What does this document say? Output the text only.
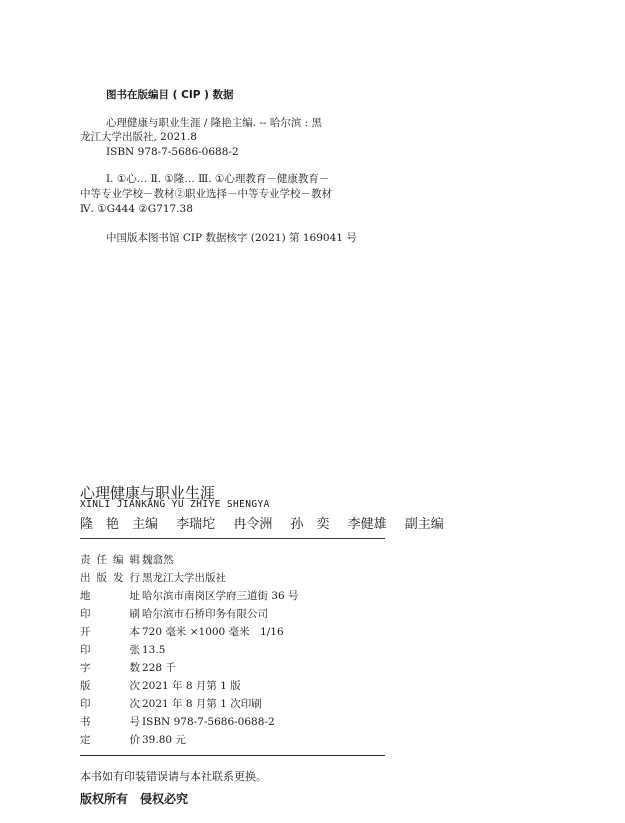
图书在版编目 ( CIP ) 数据
心理健康与职业生涯 / 隆艳主编. -- 哈尔滨 : 黑
龙江大学出版社, 2021.8
ISBN 978-7-5686-0688-2
Ⅰ. ①心… Ⅱ. ①隆… Ⅲ. ①心理教育－健康教育－
中等专业学校－教材②职业选择－中等专业学校－教材
Ⅳ. ①G444 ②G717.38
中国版本图书馆 CIP 数据核字 (2021) 第 169041 号
心理健康与职业生涯
XINLI JIANKANG YU ZHIYE SHENGYA
隆　艳　主编 李瑞坨 冉令洲 孙　奕 李健雄 副主编
责任编辑 魏翕然
出版发行 黑龙江大学出版社
地址 哈尔滨市南岗区学府三道街 36 号
印刷 哈尔滨市石桥印务有限公司
开本 720 毫米 ×1000 毫米　1/16
印张 13.5
字数 228 千
版次 2021 年 8 月第 1 版
印次 2021 年 8 月第 1 次印刷
书号 ISBN 978-7-5686-0688-2
定价 39.80 元
本书如有印装错误请与本社联系更换。
版权所有　侵权必究
